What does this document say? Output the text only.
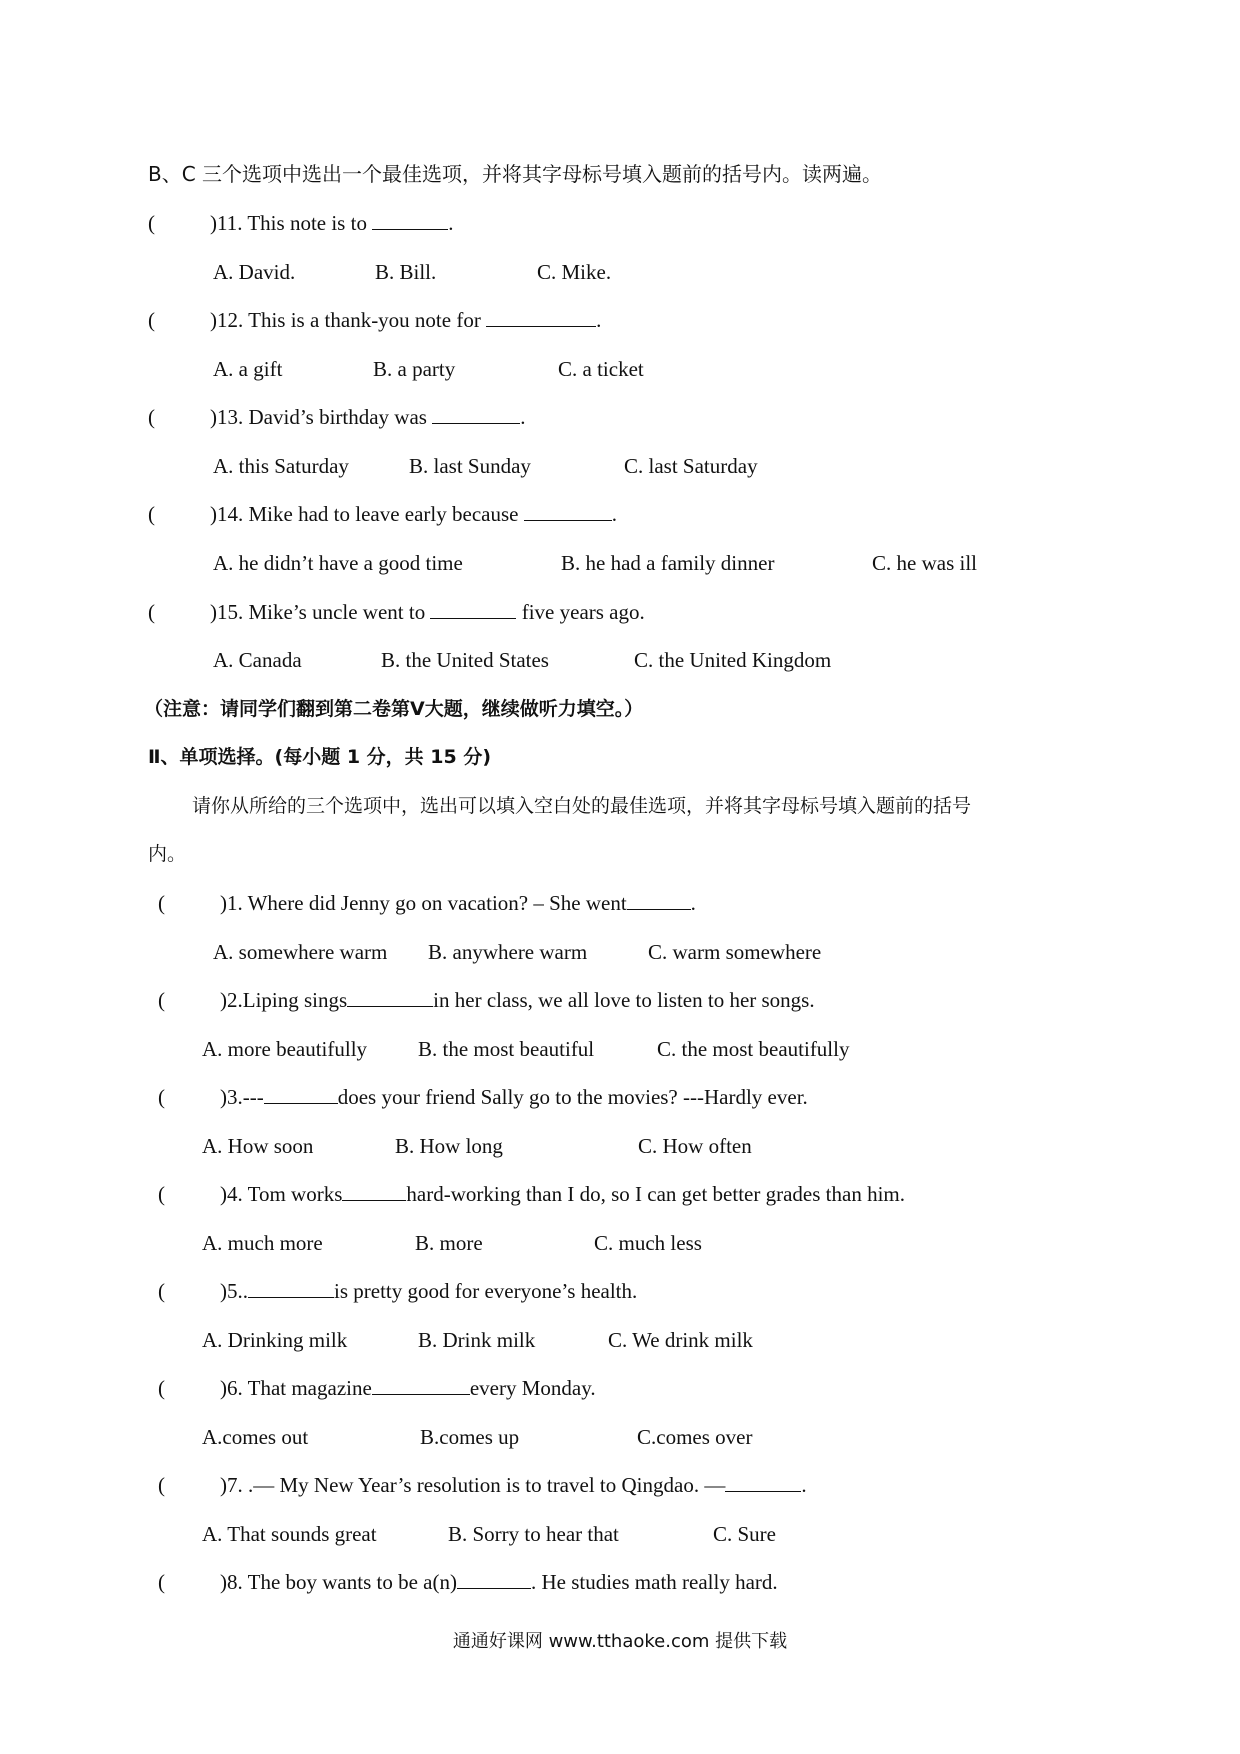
B、C 三个选项中选出一个最佳选项，并将其字母标号填入题前的括号内。读两遍。
(	)11. This note is to	.
A. David.	B. Bill.	C. Mike.
(	)12. This is a thank-you note for	.
A. a gift	B. a party	C. a ticket
(	)13. David’s birthday was	.
A. this Saturday	B. last Sunday	C. last Saturday
(	)14. Mike had to leave early because	.
A. he didn’t have a good time	B. he had a family dinner	C. he was ill
(	)15. Mike’s uncle went to	five years ago.
A. Canada	B. the United States	C. the United Kingdom
（注意：请同学们翻到第二卷第Ⅴ大题，继续做听力填空。）
Ⅱ、单项选择。(每小题 1 分，共 15 分)
请你从所给的三个选项中，选出可以填入空白处的最佳选项，并将其字母标号填入题前的括号
内。
(	)1. Where did Jenny go on vacation? – She went	.
A. somewhere warm B. anywhere warm	C. warm somewhere
(	)2.Liping sings	in her class, we all love to listen to her songs.
A. more beautifully B. the most beautiful	C. the most beautifully
(	)3.---	does your friend Sally go to the movies? ---Hardly ever.
A. How soon	B. How long	C. How often
(	)4. Tom works	hard-working than I do, so I can get better grades than him.
A. much more	B. more	C. much less
(	)5..	is pretty good for everyone’s health.
A. Drinking milk	B. Drink milk	C. We drink milk
(	)6. That magazine	every Monday.
A.comes out	B.comes up	C.comes over
(	)7. .— My New Year’s resolution is to travel to Qingdao. —	.
A. That sounds great	B. Sorry to hear that	C. Sure
(	)8. The boy wants to be a(n)	. He studies math really hard.
通通好课网 www.tthaoke.com 提供下载
